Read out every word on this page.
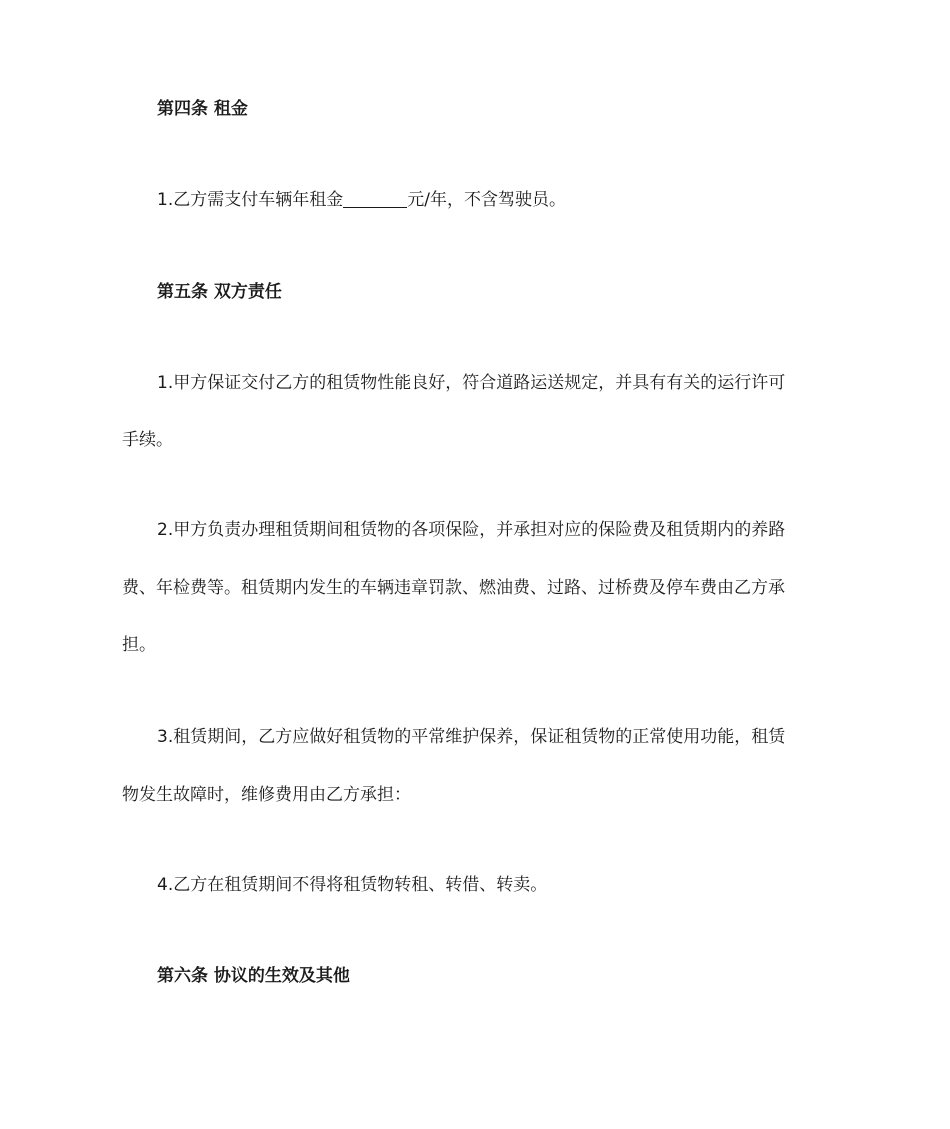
第四条 租金
1.乙方需支付车辆年租金	元/年，不含驾驶员。
第五条 双方责任
1.甲方保证交付乙方的租赁物性能良好，符合道路运送规定，并具有有关的运行许可
手续。
2.甲方负责办理租赁期间租赁物的各项保险，并承担对应的保险费及租赁期内的养路
费、年检费等。租赁期内发生的车辆违章罚款、燃油费、过路、过桥费及停车费由乙方承
担。
3.租赁期间，乙方应做好租赁物的平常维护保养，保证租赁物的正常使用功能，租赁
物发生故障时，维修费用由乙方承担：
4.乙方在租赁期间不得将租赁物转租、转借、转卖。
第六条 协议的生效及其他
